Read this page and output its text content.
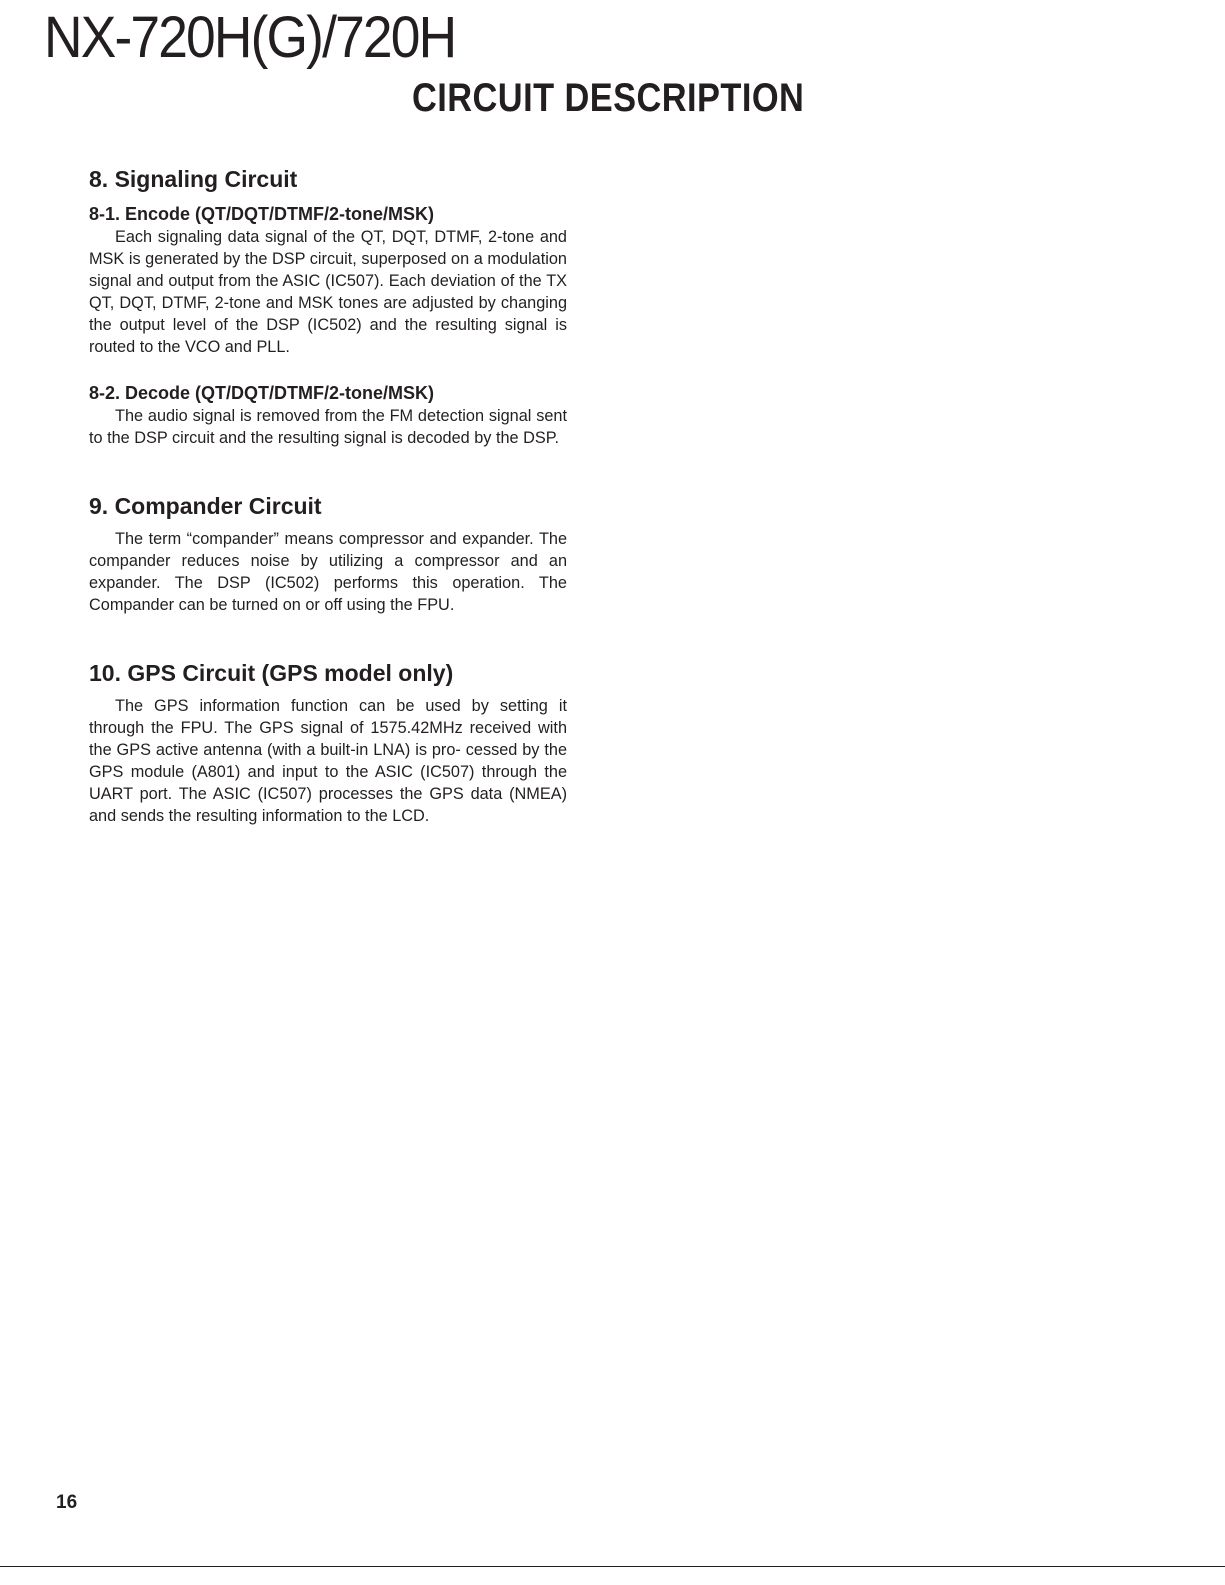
NX-720H(G)/720H
CIRCUIT DESCRIPTION
8. Signaling Circuit
8-1. Encode (QT/DQT/DTMF/2-tone/MSK)

Each signaling data signal of the QT, DQT, DTMF, 2-tone and MSK is generated by the DSP circuit, superposed on a modulation signal and output from the ASIC (IC507). Each deviation of the TX QT, DQT, DTMF, 2-tone and MSK tones are adjusted by changing the output level of the DSP (IC502) and the resulting signal is routed to the VCO and PLL.

8-2. Decode (QT/DQT/DTMF/2-tone/MSK)

The audio signal is removed from the FM detection signal sent to the DSP circuit and the resulting signal is decoded by the DSP.

9. Compander Circuit

The term “compander” means compressor and expander. The compander reduces noise by utilizing a compressor and an expander. The DSP (IC502) performs this operation. The Compander can be turned on or off using the FPU.

10. GPS Circuit (GPS model only)

The GPS information function can be used by setting it through the FPU. The GPS signal of 1575.42MHz received with the GPS active antenna (with a built-in LNA) is pro- cessed by the GPS module (A801) and input to the ASIC (IC507) through the UART port. The ASIC (IC507) processes the GPS data (NMEA) and sends the resulting information to the LCD.

16
